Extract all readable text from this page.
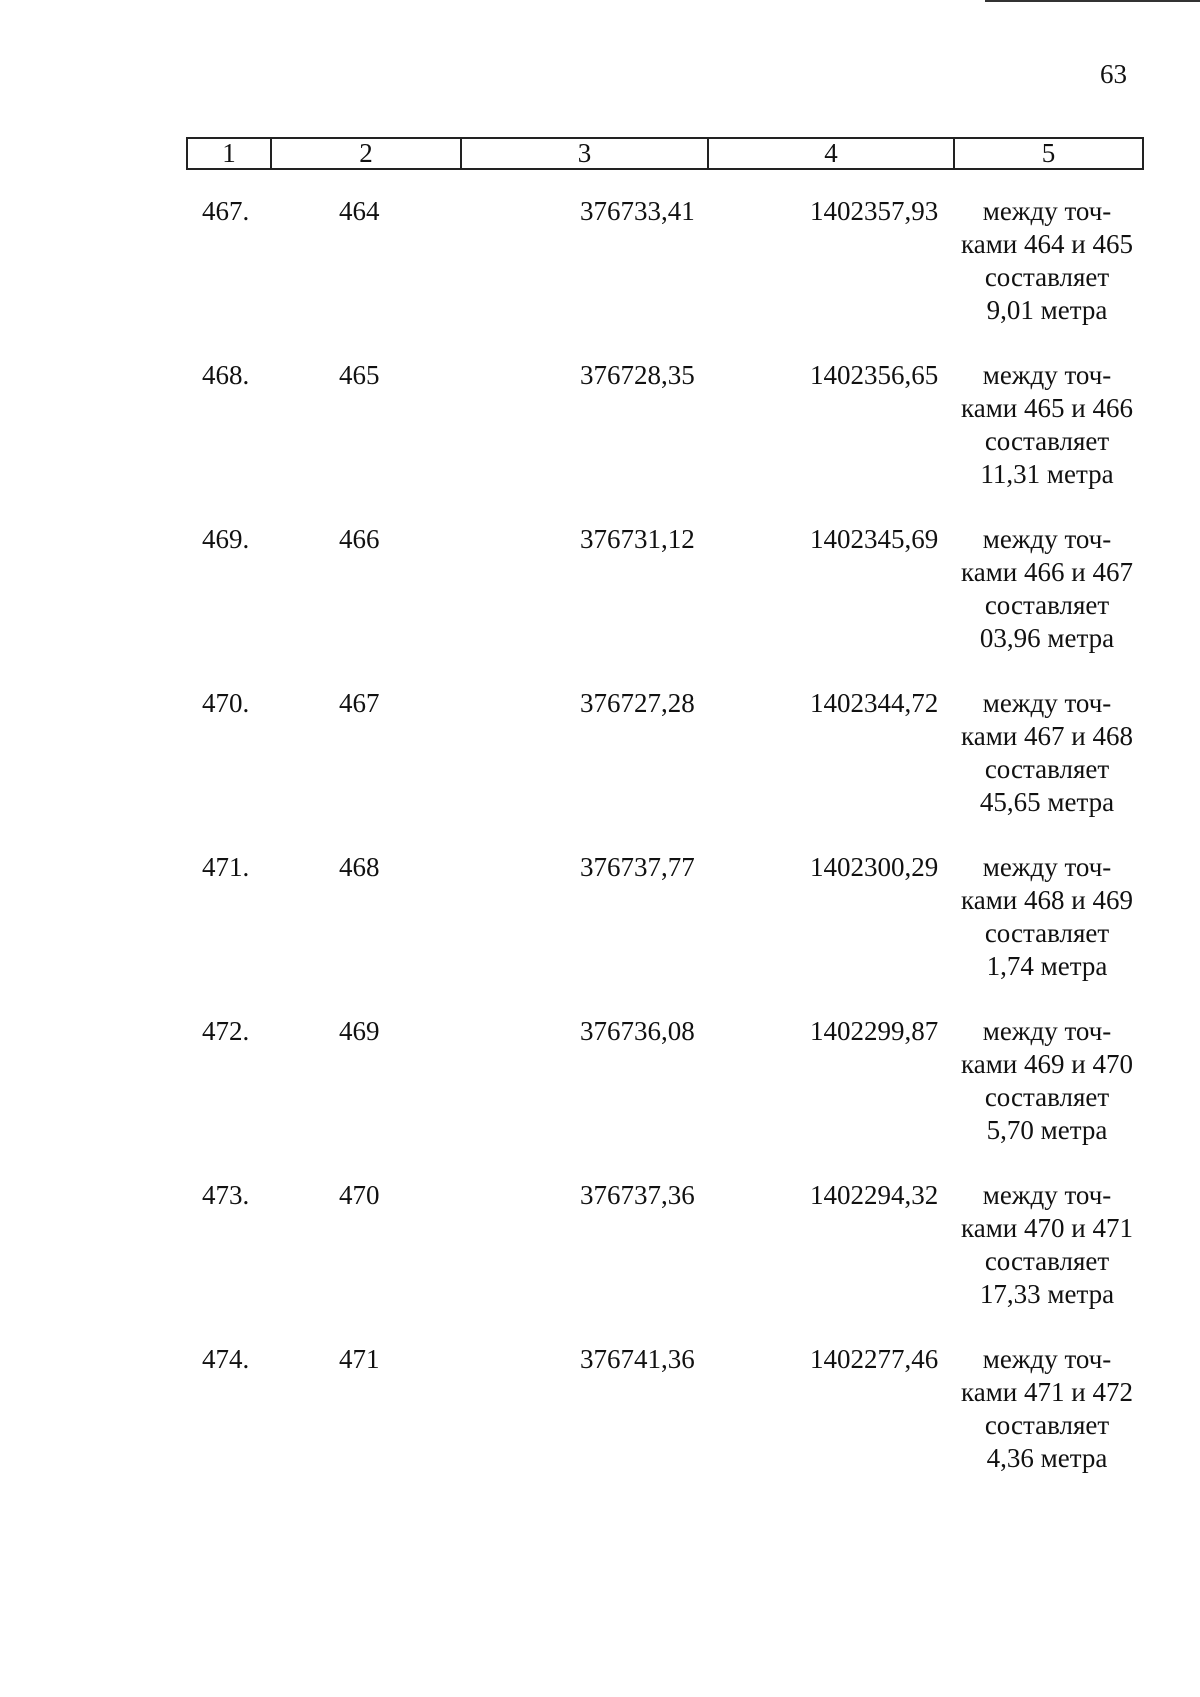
63
1	2	3	4	5
467.	464	376733,41	1402357,93	между точ-
ками 464 и 465
составляет
9,01 метра
468.	465	376728,35	1402356,65	между точ-
ками 465 и 466
составляет
11,31 метра
469.	466	376731,12	1402345,69	между точ-
ками 466 и 467
составляет
03,96 метра
470.	467	376727,28	1402344,72	между точ-
ками 467 и 468
составляет
45,65 метра
471.	468	376737,77	1402300,29	между точ-
ками 468 и 469
составляет
1,74 метра
472.	469	376736,08	1402299,87	между точ-
ками 469 и 470
составляет
5,70 метра
473.	470	376737,36	1402294,32	между точ-
ками 470 и 471
составляет
17,33 метра
474.	471	376741,36	1402277,46	между точ-
ками 471 и 472
составляет
4,36 метра
